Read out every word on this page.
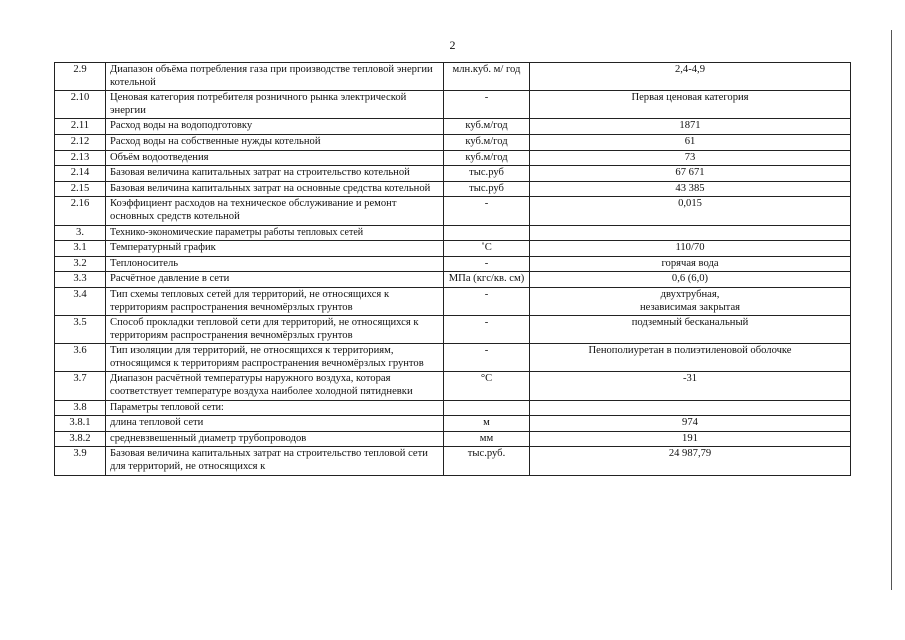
2
2.9	Диапазон объёма потребления газа при производстве тепловой энергии котельной	млн.куб. м/ год	2,4-4,9
2.10	Ценовая категория потребителя розничного рынка электрической энергии	-	Первая ценовая категория
2.11	Расход воды на водоподготовку	куб.м/год	1871
2.12	Расход воды на собственные нужды котельной	куб.м/год	61
2.13	Объём водоотведения	куб.м/год	73
2.14	Базовая величина капитальных затрат на строительство котельной	тыс.руб	67 671
2.15	Базовая величина капитальных затрат на основные средства котельной	тыс.руб	43 385
2.16	Коэффициент расходов на техническое обслуживание и ремонт основных средств котельной	-	0,015
3.	Технико-экономические параметры работы тепловых сетей		
3.1	Температурный график	˚С	110/70
3.2	Теплоноситель	-	горячая вода
3.3	Расчётное давление в сети	МПа (кгс/кв. см)	0,6 (6,0)
3.4	Тип схемы тепловых сетей для территорий, не относящихся к территориям распространения вечномёрзлых грунтов	-	двухтрубная,
независимая закрытая
3.5	Способ прокладки тепловой сети для территорий, не относящихся к территориям распространения вечномёрзлых грунтов	-	подземный бесканальный
3.6	Тип изоляции для территорий, не относящихся к территориям, относящимся к территориям распространения вечномёрзлых грунтов	-	Пенополиуретан в полиэтиленовой оболочке
3.7	Диапазон расчётной температуры наружного воздуха, которая соответствует температуре воздуха наиболее холодной пятидневки	°С	-31
3.8	Параметры тепловой сети:		
3.8.1	длина тепловой сети	м	974
3.8.2	средневзвешенный диаметр трубопроводов	мм	191
3.9	Базовая величина капитальных затрат на строительство тепловой сети для территорий, не относящихся к	тыс.руб.	24 987,79
